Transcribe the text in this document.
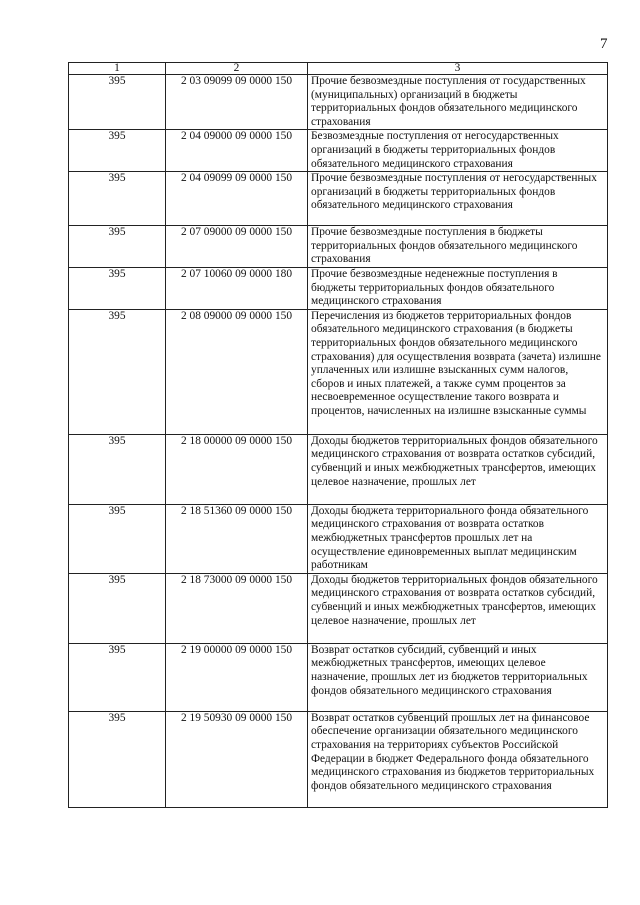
7
1	2	3
395	2 03 09099 09 0000 150	Прочие безвозмездные поступления от государственных (муниципальных) организаций в бюджеты территориальных фондов обязательного медицинского страхования
395	2 04 09000 09 0000 150	Безвозмездные поступления от негосударственных организаций в бюджеты территориальных фондов обязательного медицинского страхования
395	2 04 09099 09 0000 150	Прочие безвозмездные поступления от негосударственных организаций в бюджеты территориальных фондов обязательного медицинского страхования
395	2 07 09000 09 0000 150	Прочие безвозмездные поступления в бюджеты территориальных фондов обязательного медицинского страхования
395	2 07 10060 09 0000 180	Прочие безвозмездные неденежные поступления в бюджеты территориальных фондов обязательного медицинского страхования
395	2 08 09000 09 0000 150	Перечисления из бюджетов территориальных фондов обязательного медицинского страхования (в бюджеты территориальных фондов обязательного медицинского страхования) для осуществления возврата (зачета) излишне уплаченных или излишне взысканных сумм налогов, сборов и иных платежей, а также сумм процентов за несвоевременное осуществление такого возврата и процентов, начисленных на излишне взысканные суммы
395	2 18 00000 09 0000 150	Доходы бюджетов территориальных фондов обязательного медицинского страхования от возврата остатков субсидий, субвенций и иных межбюджетных трансфертов, имеющих целевое назначение, прошлых лет
395	2 18 51360 09 0000 150	Доходы бюджета территориального фонда обязательного медицинского страхования от возврата остатков межбюджетных трансфертов прошлых лет на осуществление единовременных выплат медицинским работникам
395	2 18 73000 09 0000 150	Доходы бюджетов территориальных фондов обязательного медицинского страхования от возврата остатков субсидий, субвенций и иных межбюджетных трансфертов, имеющих целевое назначение, прошлых лет
395	2 19 00000 09 0000 150	Возврат остатков субсидий, субвенций и иных межбюджетных трансфертов, имеющих целевое назначение, прошлых лет из бюджетов территориальных фондов обязательного медицинского страхования
395	2 19 50930 09 0000 150	Возврат остатков субвенций прошлых лет на финансовое обеспечение организации обязательного медицинского страхования на территориях субъектов Российской Федерации в бюджет Федерального фонда обязательного медицинского страхования из бюджетов территориальных фондов обязательного медицинского страхования
